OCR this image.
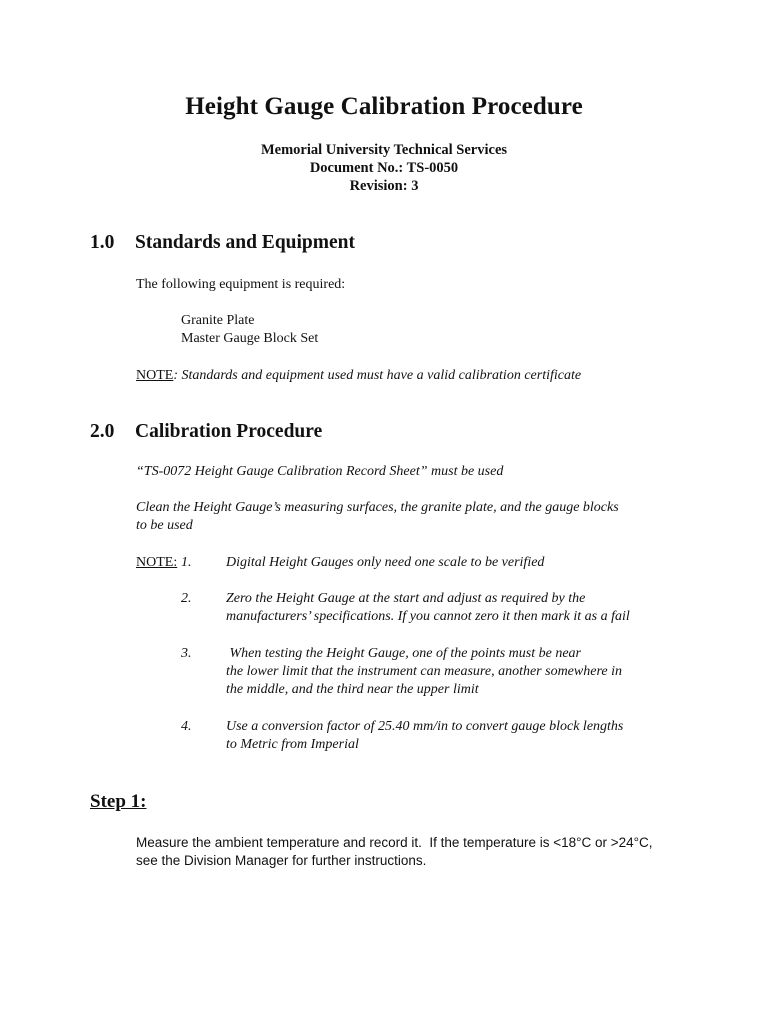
Height Gauge Calibration Procedure
Memorial University Technical Services
Document No.: TS-0050
Revision: 3
1.0 Standards and Equipment
The following equipment is required:
Granite Plate
Master Gauge Block Set
NOTE: Standards and equipment used must have a valid calibration certificate
2.0 Calibration Procedure
“TS-0072 Height Gauge Calibration Record Sheet” must be used
Clean the Height Gauge’s measuring surfaces, the granite plate, and the gauge blocks
to be used
NOTE: 1. Digital Height Gauges only need one scale to be verified
2. Zero the Height Gauge at the start and adjust as required by the
manufacturers’ specifications. If you cannot zero it then mark it as a fail
3. When testing the Height Gauge, one of the points must be near
the lower limit that the instrument can measure, another somewhere in
the middle, and the third near the upper limit
4. Use a conversion factor of 25.40 mm/in to convert gauge block lengths
to Metric from Imperial
Step 1:
Measure the ambient temperature and record it.  If the temperature is <18°C or >24°C,
see the Division Manager for further instructions.
